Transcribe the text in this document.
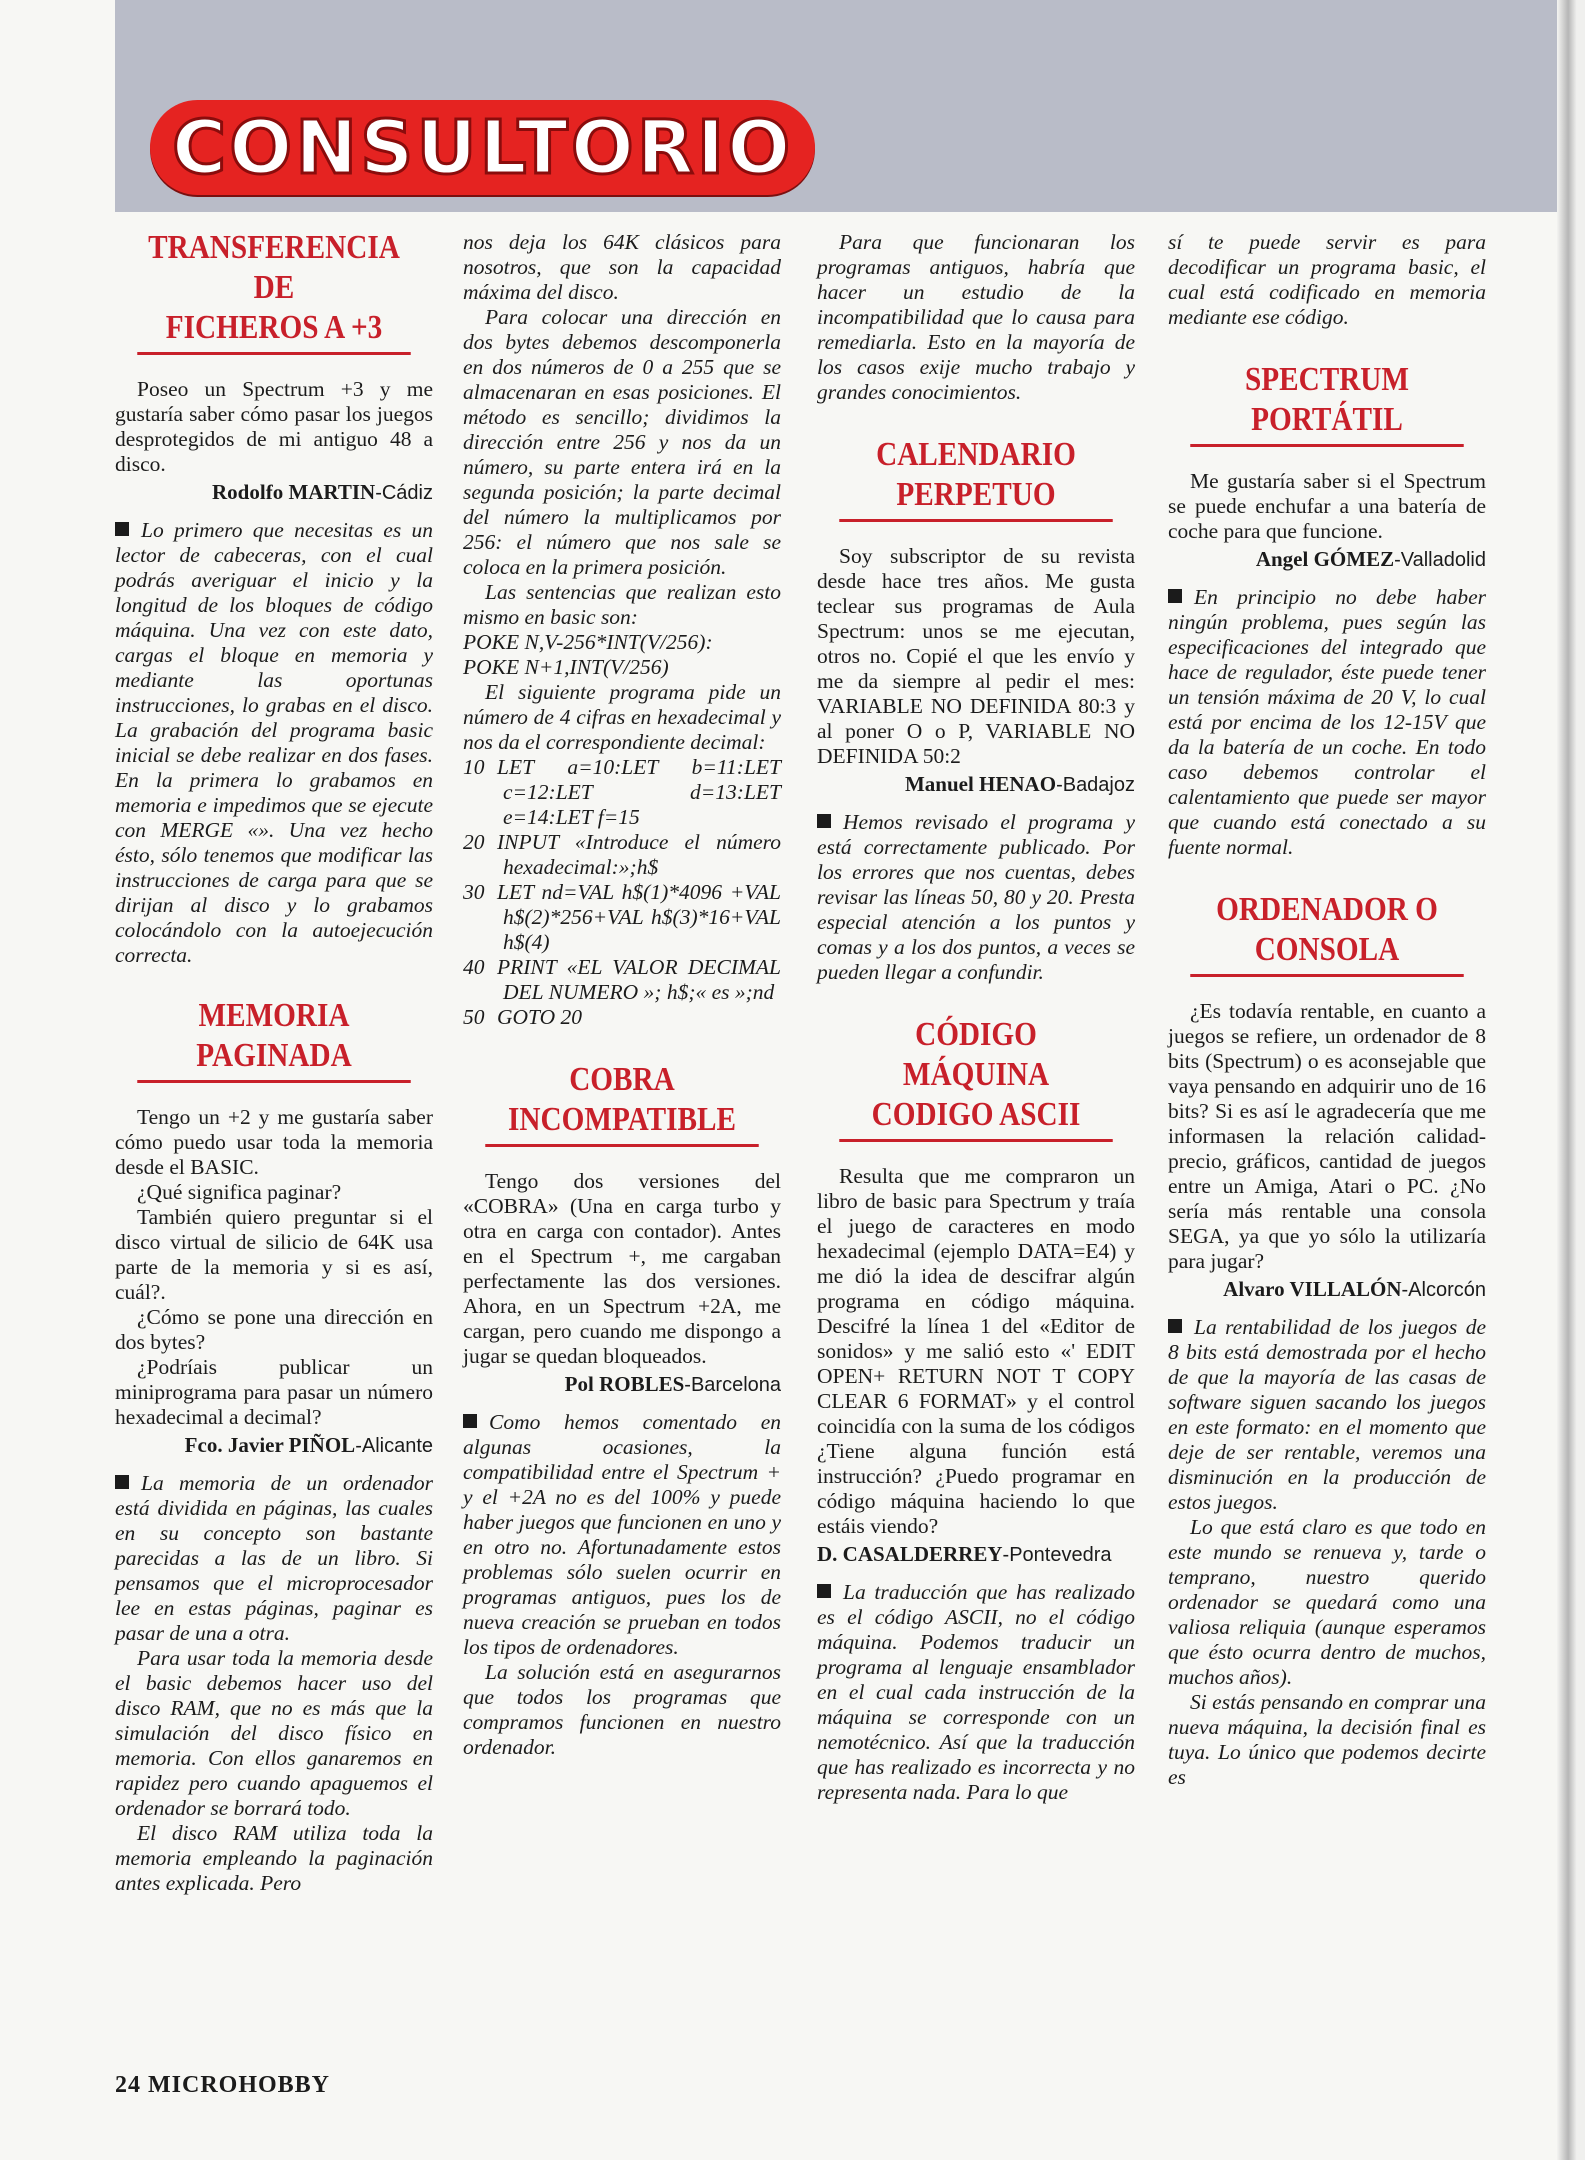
CONSULTORIO
TRANSFERENCIA DE
FICHEROS A +3

Poseo un Spectrum +3 y me gustaría saber cómo pasar los juegos desprotegidos de mi antiguo 48 a disco.

Rodolfo MARTIN-Cádiz

Lo primero que necesitas es un lector de cabeceras, con el cual podrás averiguar el inicio y la longitud de los bloques de código máquina. Una vez con este dato, cargas el bloque en memoria y mediante las oportunas instrucciones, lo grabas en el disco. La grabación del programa basic inicial se debe realizar en dos fases. En la primera lo grabamos en memoria e impedimos que se ejecute con MERGE «». Una vez hecho ésto, sólo tenemos que modificar las instrucciones de carga para que se dirijan al disco y lo grabamos colocándolo con la autoejecución correcta.

MEMORIA PAGINADA

Tengo un +2 y me gustaría saber cómo puedo usar toda la memoria desde el BASIC.

¿Qué significa paginar?

También quiero preguntar si el disco virtual de silicio de 64K usa parte de la memoria y si es así, cuál?.

¿Cómo se pone una dirección en dos bytes?

¿Podríais publicar un miniprograma para pasar un número hexadecimal a decimal?

Fco. Javier PIÑOL-Alicante

La memoria de un ordenador está dividida en páginas, las cuales en su concepto son bastante parecidas a las de un libro. Si pensamos que el microprocesador lee en estas páginas, paginar es pasar de una a otra.

Para usar toda la memoria desde el basic debemos hacer uso del disco RAM, que no es más que la simulación del disco físico en memoria. Con ellos ganaremos en rapidez pero cuando apaguemos el ordenador se borrará todo.

El disco RAM utiliza toda la memoria empleando la paginación antes explicada. Pero

nos deja los 64K clásicos para nosotros, que son la capacidad máxima del disco.

Para colocar una dirección en dos bytes debemos descomponerla en dos números de 0 a 255 que se almacenaran en esas posiciones. El método es sencillo; dividimos la dirección entre 256 y nos da un número, su parte entera irá en la segunda posición; la parte decimal del número la multiplicamos por 256: el número que nos sale se coloca en la primera posición.

Las sentencias que realizan esto mismo en basic son:

POKE N,V-256*INT(V/256):

POKE N+1,INT(V/256)

El siguiente programa pide un número de 4 cifras en hexadecimal y nos da el correspondiente decimal:

10 LET a=10:LET b=11:LET c=12:LET d=13:LET e=14:LET f=15

20 INPUT «Introduce el número hexadecimal:»;h$

30 LET nd=VAL h$(1)*4096 +VAL h$(2)*256+VAL h$(3)*16+VAL h$(4)

40 PRINT «EL VALOR DECIMAL DEL NUMERO »; h$;« es »;nd

50 GOTO 20

COBRA
INCOMPATIBLE

Tengo dos versiones del «COBRA» (Una en carga turbo y otra en carga con contador). Antes en el Spectrum +, me cargaban perfectamente las dos versiones. Ahora, en un Spectrum +2A, me cargan, pero cuando me dispongo a jugar se quedan bloqueados.

Pol ROBLES-Barcelona

Como hemos comentado en algunas ocasiones, la compatibilidad entre el Spectrum + y el +2A no es del 100% y puede haber juegos que funcionen en uno y en otro no. Afortunadamente estos problemas sólo suelen ocurrir en programas antiguos, pues los de nueva creación se prueban en todos los tipos de ordenadores.

La solución está en asegurarnos que todos los programas que compramos funcionen en nuestro ordenador.

Para que funcionaran los programas antiguos, habría que hacer un estudio de la incompatibilidad que lo causa para remediarla. Esto en la mayoría de los casos exije mucho trabajo y grandes conocimientos.

CALENDARIO
PERPETUO

Soy subscriptor de su revista desde hace tres años. Me gusta teclear sus programas de Aula Spectrum: unos se me ejecutan, otros no. Copié el que les envío y me da siempre al pedir el mes: VARIABLE NO DEFINIDA 80:3 y al poner O o P, VARIABLE NO DEFINIDA 50:2

Manuel HENAO-Badajoz

Hemos revisado el programa y está correctamente publicado. Por los errores que nos cuentas, debes revisar las líneas 50, 80 y 20. Presta especial atención a los puntos y comas y a los dos puntos, a veces se pueden llegar a confundir.

CÓDIGO MÁQUINA
CODIGO ASCII

Resulta que me compraron un libro de basic para Spectrum y traía el juego de caracteres en modo hexadecimal (ejemplo DATA=E4) y me dió la idea de descifrar algún programa en código máquina. Descifré la línea 1 del «Editor de sonidos» y me salió esto «' EDIT OPEN+ RETURN NOT T COPY CLEAR 6 FORMAT» y el control coincidía con la suma de los códigos ¿Tiene alguna función está instrucción? ¿Puedo programar en código máquina haciendo lo que estáis viendo?

D. CASALDERREY-Pontevedra

La traducción que has realizado es el código ASCII, no el código máquina. Podemos traducir un programa al lenguaje ensamblador en el cual cada instrucción de la máquina se corresponde con un nemotécnico. Así que la traducción que has realizado es incorrecta y no representa nada. Para lo que

sí te puede servir es para decodificar un programa basic, el cual está codificado en memoria mediante ese código.

SPECTRUM PORTÁTIL

Me gustaría saber si el Spectrum se puede enchufar a una batería de coche para que funcione.

Angel GÓMEZ-Valladolid

En principio no debe haber ningún problema, pues según las especificaciones del integrado que hace de regulador, éste puede tener un tensión máxima de 20 V, lo cual está por encima de los 12-15V que da la batería de un coche. En todo caso debemos controlar el calentamiento que puede ser mayor que cuando está conectado a su fuente normal.

ORDENADOR O
CONSOLA

¿Es todavía rentable, en cuanto a juegos se refiere, un ordenador de 8 bits (Spectrum) o es aconsejable que vaya pensando en adquirir uno de 16 bits? Si es así le agradecería que me informasen la relación calidad-precio, gráficos, cantidad de juegos entre un Amiga, Atari o PC. ¿No sería más rentable una consola SEGA, ya que yo sólo la utilizaría para jugar?

Alvaro VILLALÓN-Alcorcón

La rentabilidad de los juegos de 8 bits está demostrada por el hecho de que la mayoría de las casas de software siguen sacando los juegos en este formato: en el momento que deje de ser rentable, veremos una disminución en la producción de estos juegos.

Lo que está claro es que todo en este mundo se renueva y, tarde o temprano, nuestro querido ordenador se quedará como una valiosa reliquia (aunque esperamos que ésto ocurra dentro de muchos, muchos años).

Si estás pensando en comprar una nueva máquina, la decisión final es tuya. Lo único que podemos decirte es

24 MICROHOBBY
